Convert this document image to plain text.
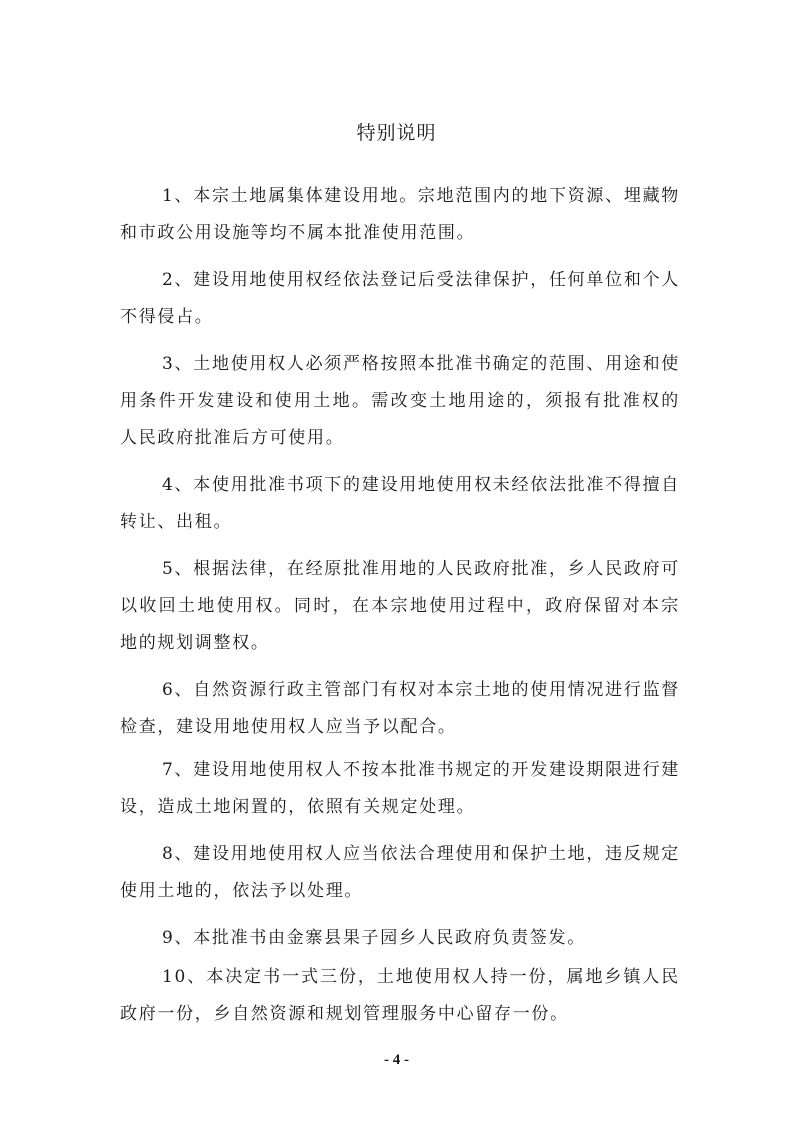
特别说明

1、本宗土地属集体建设用地。宗地范围内的地下资源、埋藏物和市政公用设施等均不属本批准使用范围。

2、建设用地使用权经依法登记后受法律保护，任何单位和个人不得侵占。

3、土地使用权人必须严格按照本批准书确定的范围、用途和使用条件开发建设和使用土地。需改变土地用途的，须报有批准权的人民政府批准后方可使用。

4、本使用批准书项下的建设用地使用权未经依法批准不得擅自转让、出租。

5、根据法律，在经原批准用地的人民政府批准，乡人民政府可以收回土地使用权。同时，在本宗地使用过程中，政府保留对本宗地的规划调整权。

6、自然资源行政主管部门有权对本宗土地的使用情况进行监督检查，建设用地使用权人应当予以配合。

7、建设用地使用权人不按本批准书规定的开发建设期限进行建设，造成土地闲置的，依照有关规定处理。

8、建设用地使用权人应当依法合理使用和保护土地，违反规定使用土地的，依法予以处理。

9、本批准书由金寨县果子园乡人民政府负责签发。

10、本决定书一式三份，土地使用权人持一份，属地乡镇人民政府一份，乡自然资源和规划管理服务中心留存一份。

- 4 -
